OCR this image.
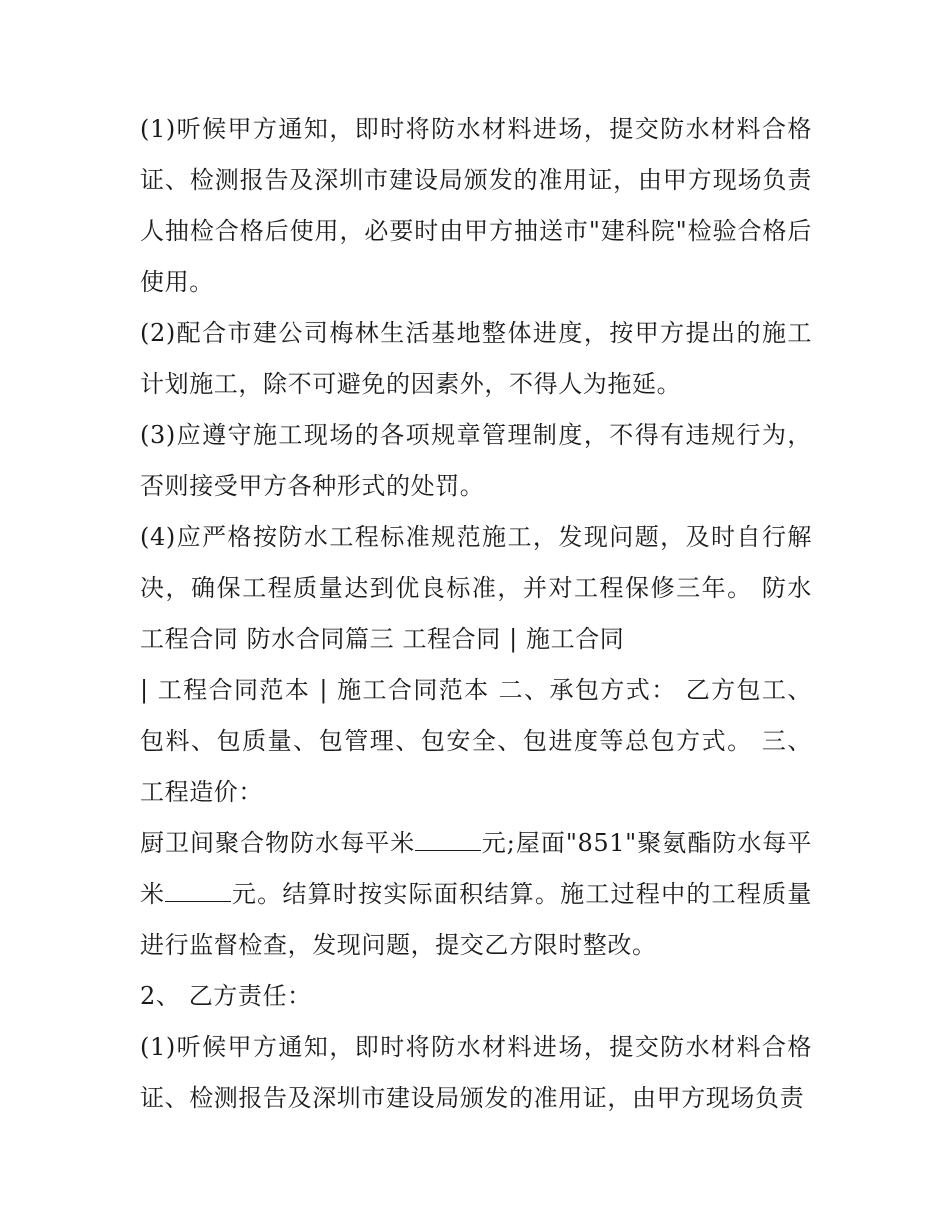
(1)听候甲方通知，即时将防水材料进场，提交防水材料合格证、检测报告及深圳市建设局颁发的准用证，由甲方现场负责人抽检合格后使用，必要时由甲方抽送市"建科院"检验合格后使用。

(2)配合市建公司梅林生活基地整体进度，按甲方提出的施工计划施工，除不可避免的因素外，不得人为拖延。

(3)应遵守施工现场的各项规章管理制度，不得有违规行为，否则接受甲方各种形式的处罚。

(4)应严格按防水工程标准规范施工，发现问题，及时自行解决，确保工程质量达到优良标准，并对工程保修三年。 防水工程合同 防水合同篇三 工程合同 | 施工合同

| 工程合同范本 | 施工合同范本 二、承包方式： 乙方包工、包料、包质量、包管理、包安全、包进度等总包方式。 三、工程造价：

厨卫间聚合物防水每平米	元;屋面"851"聚氨酯防水每平米	元。结算时按实际面积结算。施工过程中的工程质量进行监督检查，发现问题，提交乙方限时整改。

2、 乙方责任：

(1)听候甲方通知，即时将防水材料进场，提交防水材料合格证、检测报告及深圳市建设局颁发的准用证，由甲方现场负责
